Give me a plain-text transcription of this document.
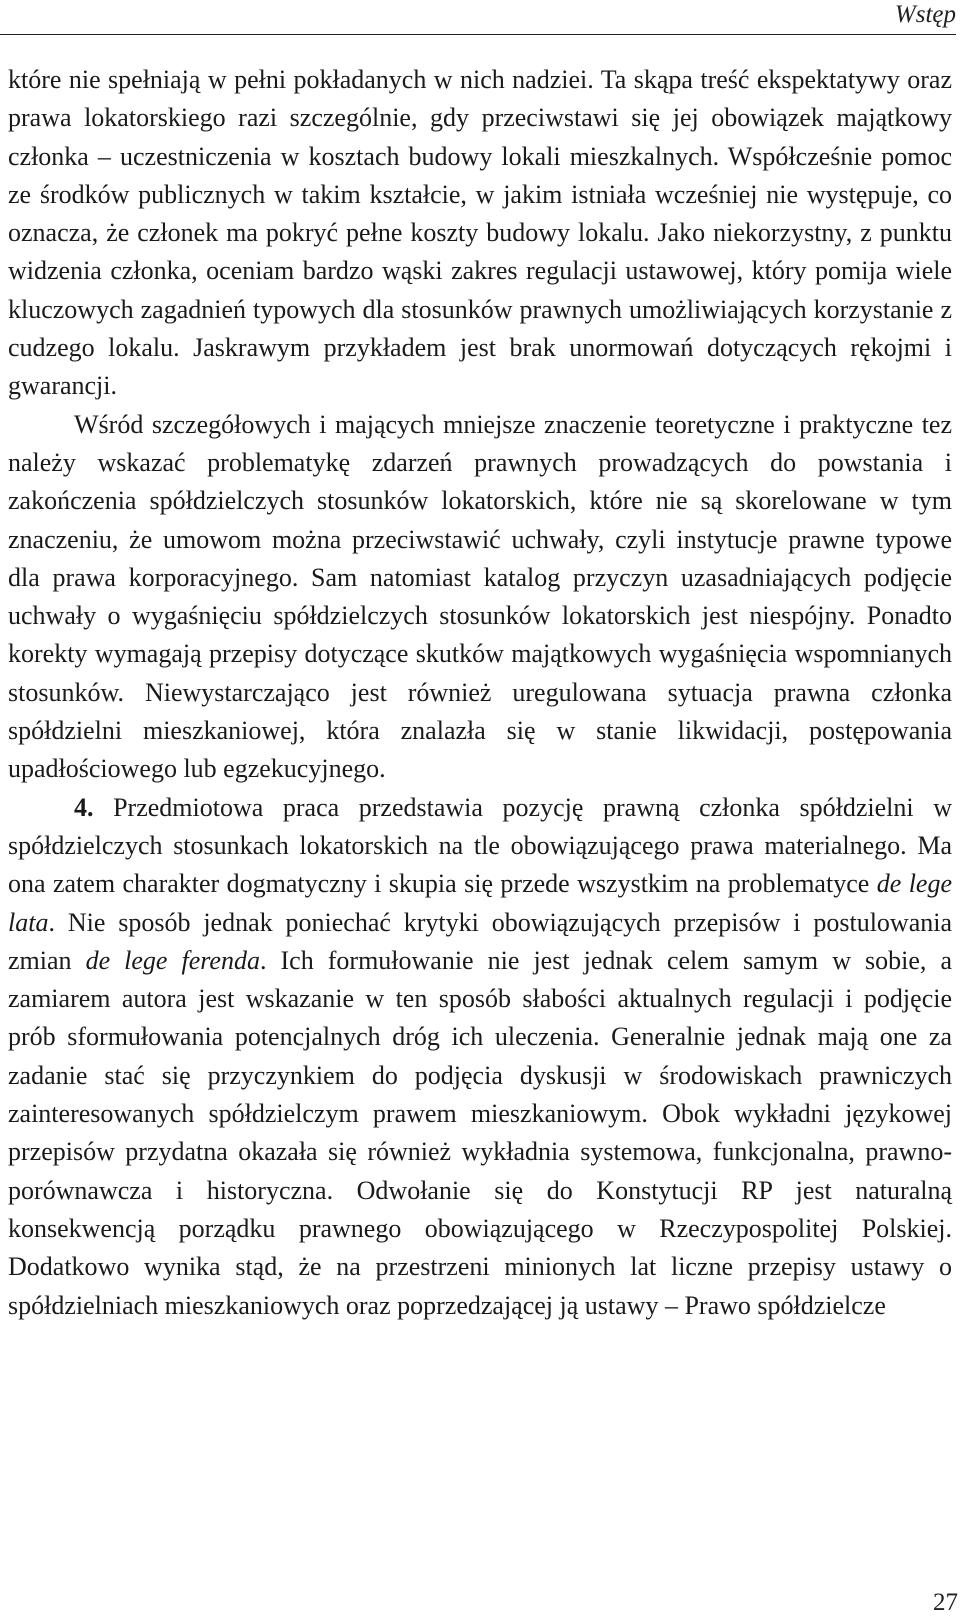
Wstęp

które nie spełniają w pełni pokładanych w nich nadziei. Ta skąpa treść ekspektatywy oraz prawa lokatorskiego razi szczególnie, gdy przeciwstawi się jej obowiązek majątkowy członka – uczestniczenia w kosztach budowy lokali mieszkalnych. Współcześnie pomoc ze środków publicznych w takim kształcie, w jakim istniała wcześniej nie występuje, co oznacza, że członek ma pokryć pełne koszty budowy lokalu. Jako niekorzystny, z punktu widzenia członka, oceniam bardzo wąski zakres regulacji ustawowej, który pomija wiele kluczowych zagadnień typowych dla stosunków prawnych umożliwiających korzystanie z cudzego lokalu. Jaskrawym przykładem jest brak unormowań dotyczących rękojmi i gwarancji.

Wśród szczegółowych i mających mniejsze znaczenie teoretyczne i praktyczne tez należy wskazać problematykę zdarzeń prawnych prowadzących do powstania i zakończenia spółdzielczych stosunków lokatorskich, które nie są skorelowane w tym znaczeniu, że umowom można przeciwstawić uchwały, czyli instytucje prawne typowe dla prawa korporacyjnego. Sam natomiast katalog przyczyn uzasadniających podjęcie uchwały o wygaśnięciu spółdzielczych stosunków lokatorskich jest niespójny. Ponadto korekty wymagają przepisy dotyczące skutków majątkowych wygaśnięcia wspomnianych stosunków. Niewystarczająco jest również uregulowana sytuacja prawna członka spółdzielni mieszkaniowej, która znalazła się w stanie likwidacji, postępowania upadłościowego lub egzekucyjnego.

4. Przedmiotowa praca przedstawia pozycję prawną członka spółdzielni w spółdzielczych stosunkach lokatorskich na tle obowiązującego prawa materialnego. Ma ona zatem charakter dogmatyczny i skupia się przede wszystkim na problematyce de lege lata. Nie sposób jednak poniechać krytyki obowiązujących przepisów i postulowania zmian de lege ferenda. Ich formułowanie nie jest jednak celem samym w sobie, a zamiarem autora jest wskazanie w ten sposób słabości aktualnych regulacji i podjęcie prób sformułowania potencjalnych dróg ich uleczenia. Generalnie jednak mają one za zadanie stać się przyczynkiem do podjęcia dyskusji w środowiskach prawniczych zainteresowanych spółdzielczym prawem mieszkaniowym. Obok wykładni językowej przepisów przydatna okazała się również wykładnia systemowa, funkcjonalna, prawno-porównawcza i historyczna. Odwołanie się do Konstytucji RP jest naturalną konsekwencją porządku prawnego obowiązującego w Rzeczypospolitej Polskiej. Dodatkowo wynika stąd, że na przestrzeni minionych lat liczne przepisy ustawy o spółdzielniach mieszkaniowych oraz poprzedzającej ją ustawy – Prawo spółdzielcze

27
